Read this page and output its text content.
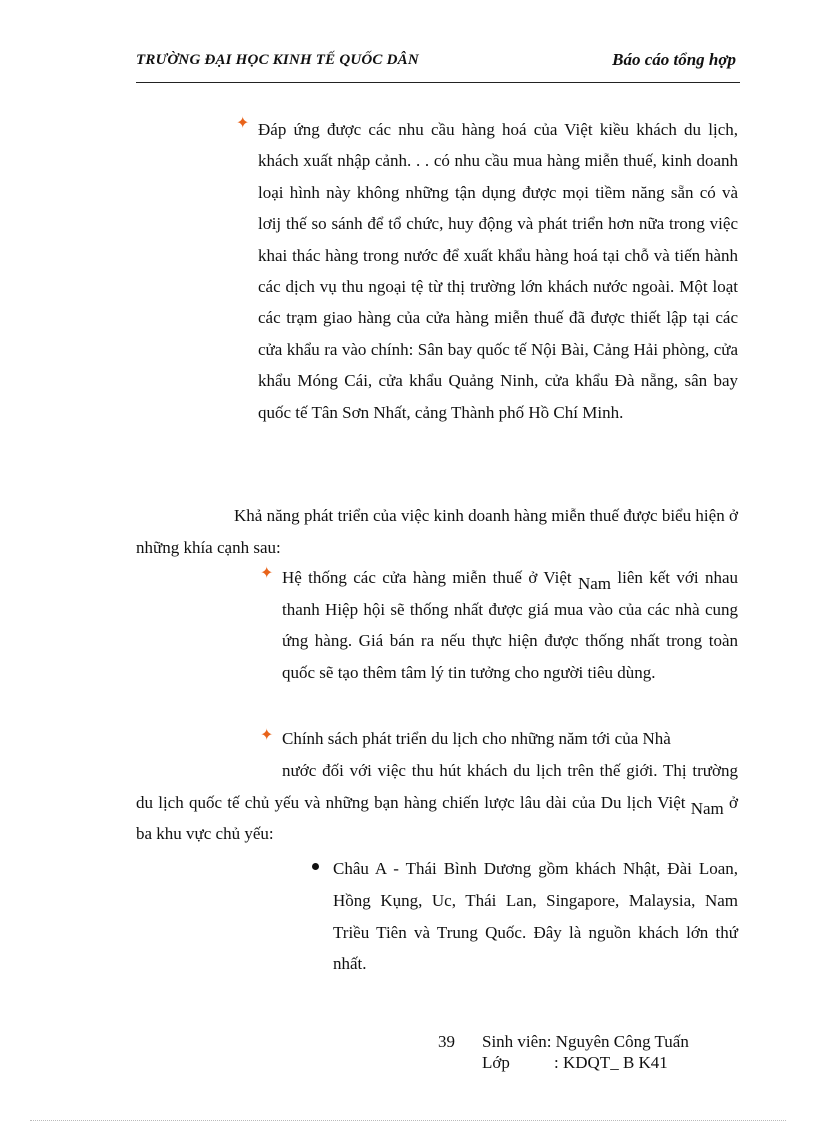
TRƯỜNG ĐẠI HỌC KINH TẾ QUỐC DÂN	Báo cáo tổng hợp
✦ Đáp ứng được các nhu cầu hàng hoá của Việt kiều khách du lịch, khách xuất nhập cảnh. . . có nhu cầu mua hàng miễn thuế, kinh doanh loại hình này không những tận dụng được mọi tiềm năng sẵn có và lơij thế so sánh để tổ chức, huy động và phát triển hơn nữa trong việc khai thác hàng trong nước để xuất khẩu hàng hoá tại chỗ và tiến hành các dịch vụ thu ngoại tệ từ thị trường lớn khách nước ngoài. Một loạt các trạm giao hàng của cửa hàng miễn thuế đã được thiết lập tại các cửa khẩu ra vào chính: Sân bay quốc tế Nội Bài, Cảng Hải phòng, cửa khẩu Móng Cái, cửa khẩu Quảng Ninh, cửa khẩu Đà nẵng, sân bay quốc tế Tân Sơn Nhất, cảng Thành phố Hồ Chí Minh.
Khả năng phát triển của việc kinh doanh hàng miễn thuế được biểu hiện ở những khía cạnh sau:
✦ Hệ thống các cửa hàng miễn thuế ở Việt Nam liên kết với nhau thanh Hiệp hội sẽ thống nhất được giá mua vào của các nhà cung ứng hàng. Giá bán ra nếu thực hiện được thống nhất trong toàn quốc sẽ tạo thêm tâm lý tin tưởng cho người tiêu dùng.
✦ Chính sách phát triển du lịch cho những năm tới của Nhà
nước đối với việc thu hút khách du lịch trên thế giới. Thị trường du lịch quốc tế chủ yếu và những bạn hàng chiến lược lâu dài của Du lịch Việt Nam ở ba khu vực chủ yếu:
Châu A - Thái Bình Dương gồm khách Nhật, Đài Loan, Hồng Kụng, Uc, Thái Lan, Singapore, Malaysia, Nam Triều Tiên và Trung Quốc. Đây là nguồn khách lớn thứ nhất.
39 Sinh viên: Nguyên Công Tuấn
Lớp	: KDQT_ B K41
